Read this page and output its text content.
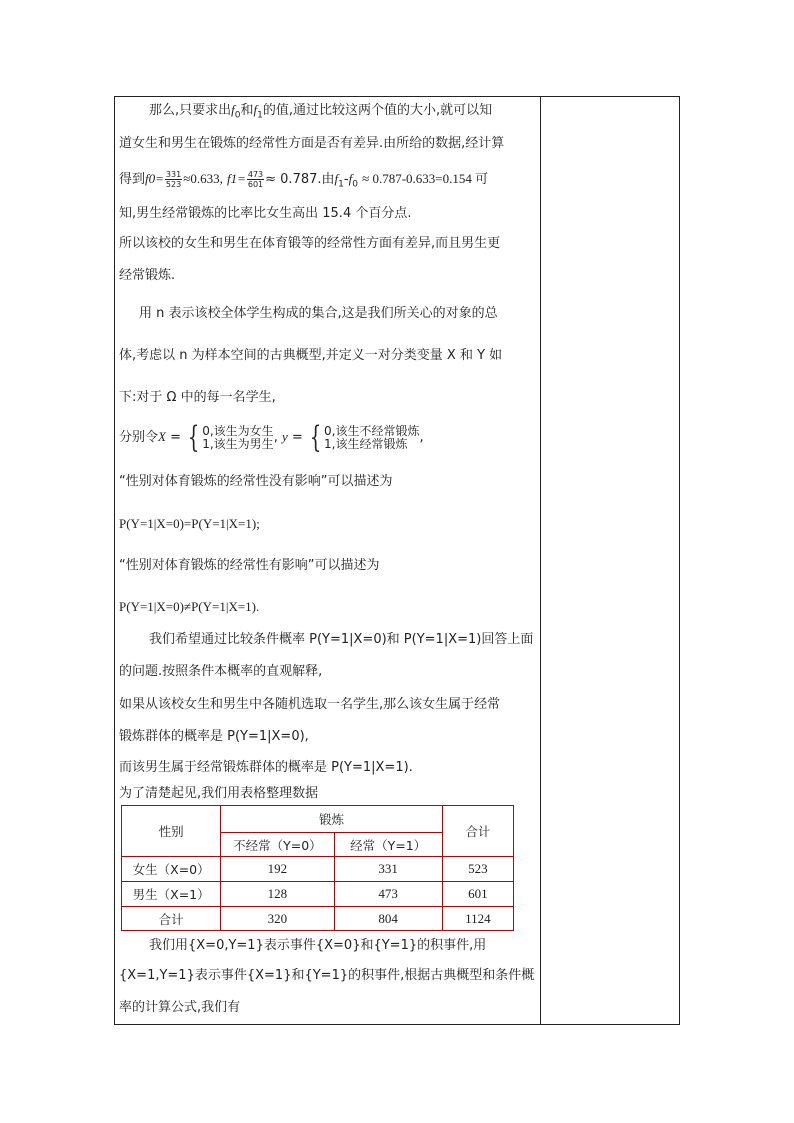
那么,只要求出$f_0$和$f_1$的值,通过比较这两个值的大小,就可以知
道女生和男生在锻炼的经常性方面是否有差异.由所给的数据,经计算
得到$f0= \frac{331}{523} \approx 0.633$, $f1= \frac{473}{601} \approx 0.787$.由$f_1-f_0 \approx 0.787-0.633=0.154$ 可
知,男生经常锻炼的比率比女生高出 15.4 个百分点.
所以该校的女生和男生在体育锻等的经常性方面有差异,而且男生更
经常锻炼.
用 n 表示该校全体学生构成的集合,这是我们所关心的对象的总
体,考虑以 n 为样本空间的古典概型,并定义一对分类变量 X 和 Y 如
下:对于 Ω 中的每一名学生,
分别令X = { 0,该生为女生
1,该生为男生 , y = { 0,该生不经常锻炼
1,该生经常锻炼 ,
“性别对体育锻炼的经常性没有影响”可以描述为
P(Y=1|X=0)=P(Y=1|X=1);
“性别对体育锻炼的经常性有影响”可以描述为
P(Y=1|X=0)≠P(Y=1|X=1).
我们希望通过比较条件概率 P(Y=1|X=0)和 P(Y=1|X=1)回答上面
的问题.按照条件本概率的直观解释,
如果从该校女生和男生中各随机选取一名学生,那么该女生属于经常
锻炼群体的概率是 P(Y=1|X=0),
而该男生属于经常锻炼群体的概率是 P(Y=1|X=1).
为了清楚起见,我们用表格整理数据
我们用{X=0,Y=1}表示事件{X=0}和{Y=1}的积事件,用
{X=1,Y=1}表示事件{X=1}和{Y=1}的积事件,根据古典概型和条件概
率的计算公式,我们有
性别	锻炼		合计
	不经常（Y=0）	经常（Y=1）	
女生（X=0）	192	331	523
男生（X=1）	128	473	601
合计	320	804	1124
